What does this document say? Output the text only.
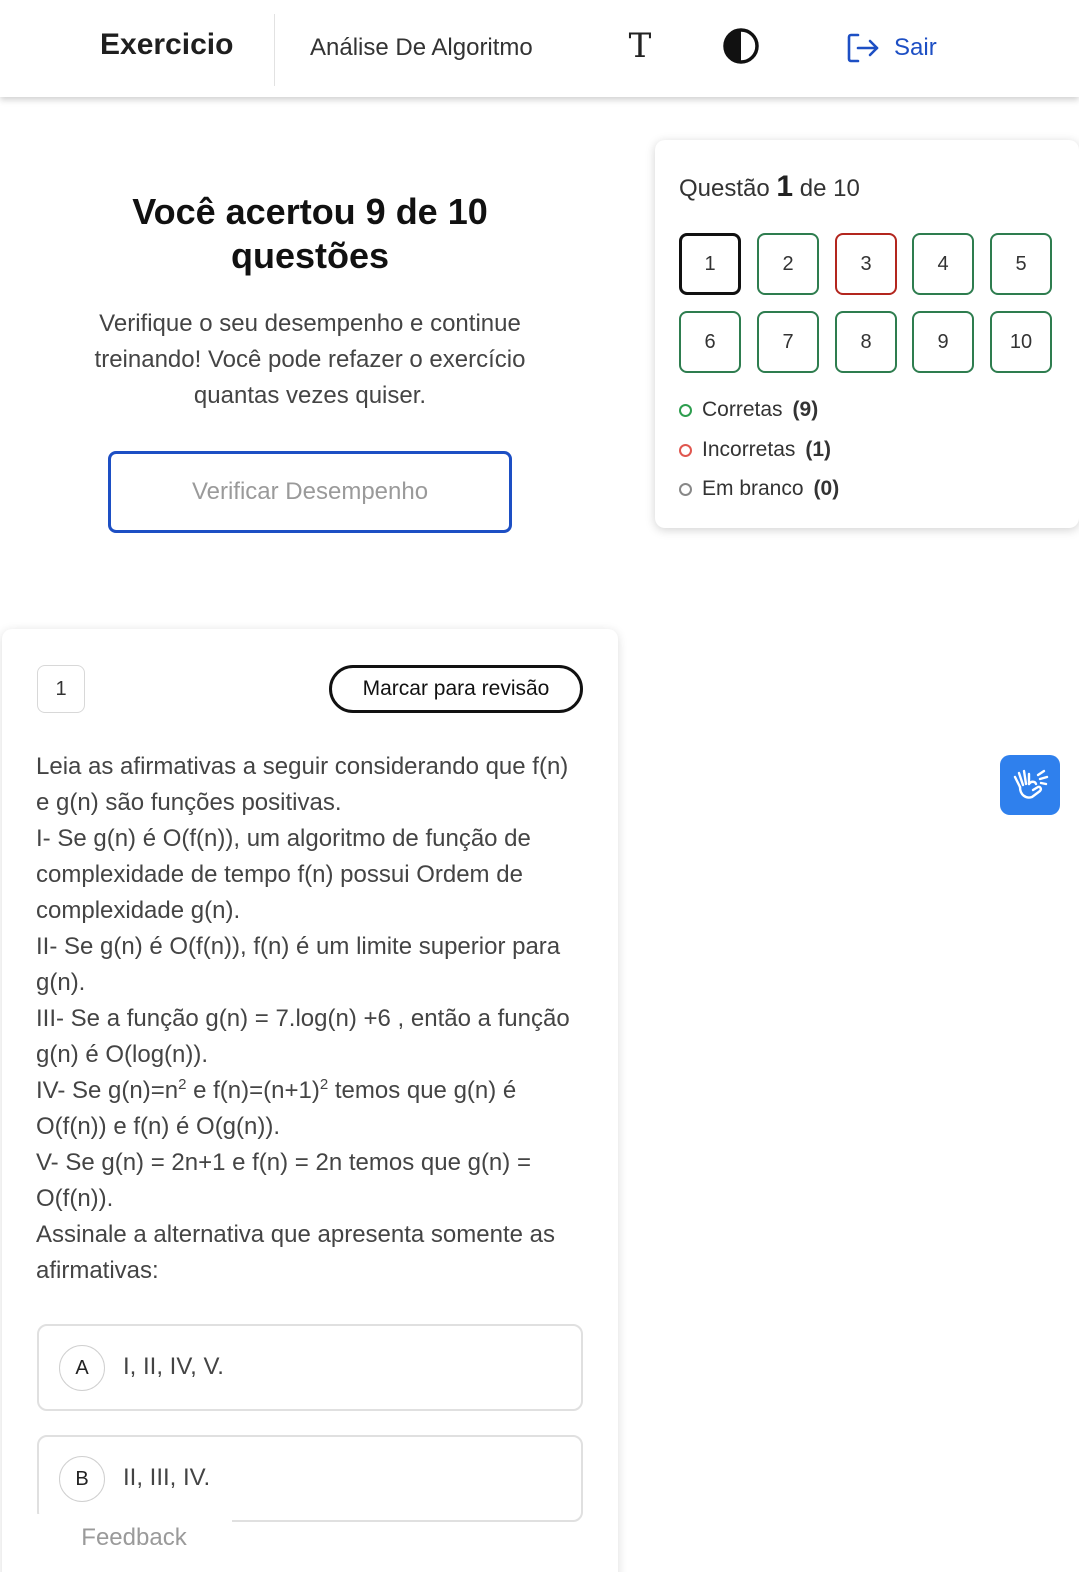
Exercicio	Análise De Algoritmo	T	Sair
Você acertou 9 de 10 questões
Verifique o seu desempenho e continue treinando! Você pode refazer o exercício quantas vezes quiser.
Verificar Desempenho
Questão 1 de 10
1	2	3	4	5
6	7	8	9	10
Corretas (9)
Incorretas (1)
Em branco (0)
1	Marcar para revisão

Leia as afirmativas a seguir considerando que f(n) e g(n) são funções positivas.

I- Se g(n) é O(f(n)), um algoritmo de função de complexidade de tempo f(n) possui Ordem de complexidade g(n).

II- Se g(n) é O(f(n)), f(n) é um limite superior para g(n).

III- Se a função g(n) = 7.log(n) +6 , então a função g(n) é O(log(n)).

IV- Se $g(n)=n^2$ e $f(n)=(n+1)^2$ temos que g(n) é O(f(n)) e f(n) é O(g(n)).

V- Se g(n) = 2n+1 e f(n) = 2n temos que g(n) = O(f(n)).

Assinale a alternativa que apresenta somente as afirmativas:

A	I, II, IV, V.
B	II, III, IV.
Feedback
